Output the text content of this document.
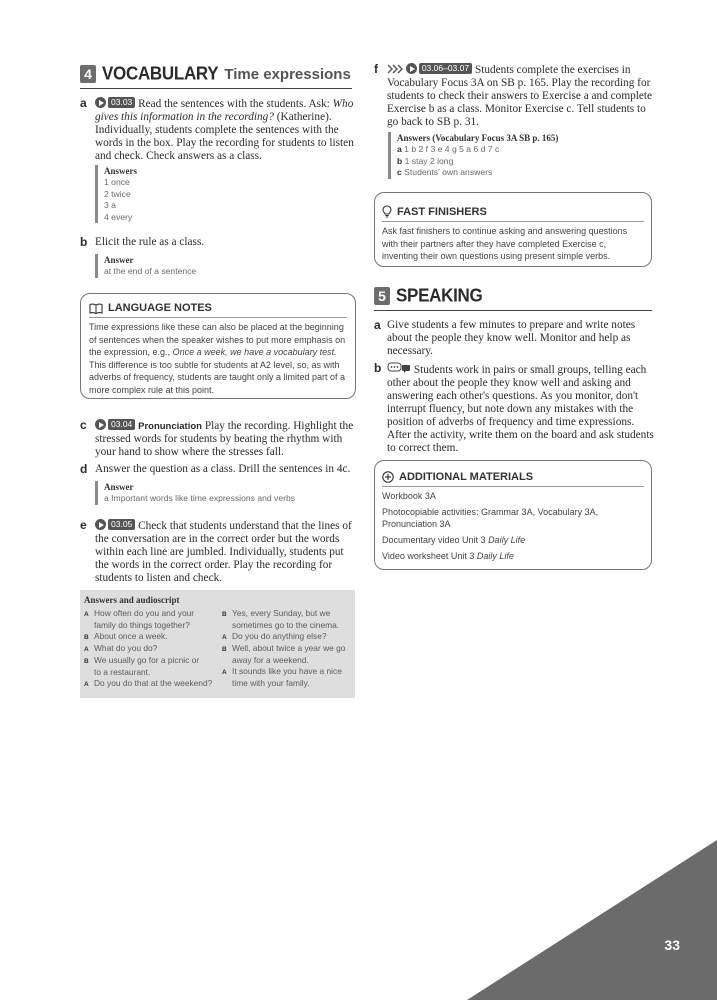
4 VOCABULARY Time expressions
a	03.03 Read the sentences with the students. Ask: Who gives this information in the recording? (Katherine). Individually, students complete the sentences with the words in the box. Play the recording for students to listen and check. Check answers as a class.
Answers
1 once
2 twice
3 a
4 every
b Elicit the rule as a class.
Answer
at the end of a sentence
LANGUAGE NOTES
Time expressions like these can also be placed at the beginning of sentences when the speaker wishes to put more emphasis on the expression, e.g., Once a week, we have a vocabulary test. This difference is too subtle for students at A2 level, so, as with adverbs of frequency, students are taught only a limited part of a more complex rule at this point.
c	03.04 Pronunciation Play the recording. Highlight the stressed words for students by beating the rhythm with your hand to show where the stresses fall.
d Answer the question as a class. Drill the sentences in 4c.
Answer
a Important words like time expressions and verbs
e	03.05 Check that students understand that the lines of the conversation are in the correct order but the words within each line are jumbled. Individually, students put the words in the correct order. Play the recording for students to listen and check.
Answers and audioscript
A How often do you and your
family do things together?
B About once a week.
A What do you do?
B We usually go for a picnic or
to a restaurant.
A Do you do that at the weekend?
B Yes, every Sunday, but we
sometimes go to the cinema.
A Do you do anything else?
B Well, about twice a year we go
away for a weekend.
A It sounds like you have a nice
time with your family.
f
	03.06–03.07 Students complete the exercises in Vocabulary Focus 3A on SB p. 165. Play the recording for students to check their answers to Exercise a and complete Exercise b as a class. Monitor Exercise c. Tell students to go back to SB p. 31.
Answers (Vocabulary Focus 3A SB p. 165)
a 1 b 2 f 3 e 4 g 5 a 6 d 7 c
b 1 stay 2 long
c Students' own answers
FAST FINISHERS
Ask fast finishers to continue asking and answering questions with their partners after they have completed Exercise c, inventing their own questions using present simple verbs.
5 SPEAKING
a Give students a few minutes to prepare and write notes about the people they know well. Monitor and help as necessary.
b	Students work in pairs or small groups, telling each other about the people they know well and asking and answering each other's questions. As you monitor, don't interrupt fluency, but note down any mistakes with the position of adverbs of frequency and time expressions. After the activity, write them on the board and ask students to correct them.
ADDITIONAL MATERIALS
Workbook 3A
Photocopiable activities: Grammar 3A, Vocabulary 3A, Pronunciation 3A
Documentary video Unit 3 Daily Life
Video worksheet Unit 3 Daily Life
33
